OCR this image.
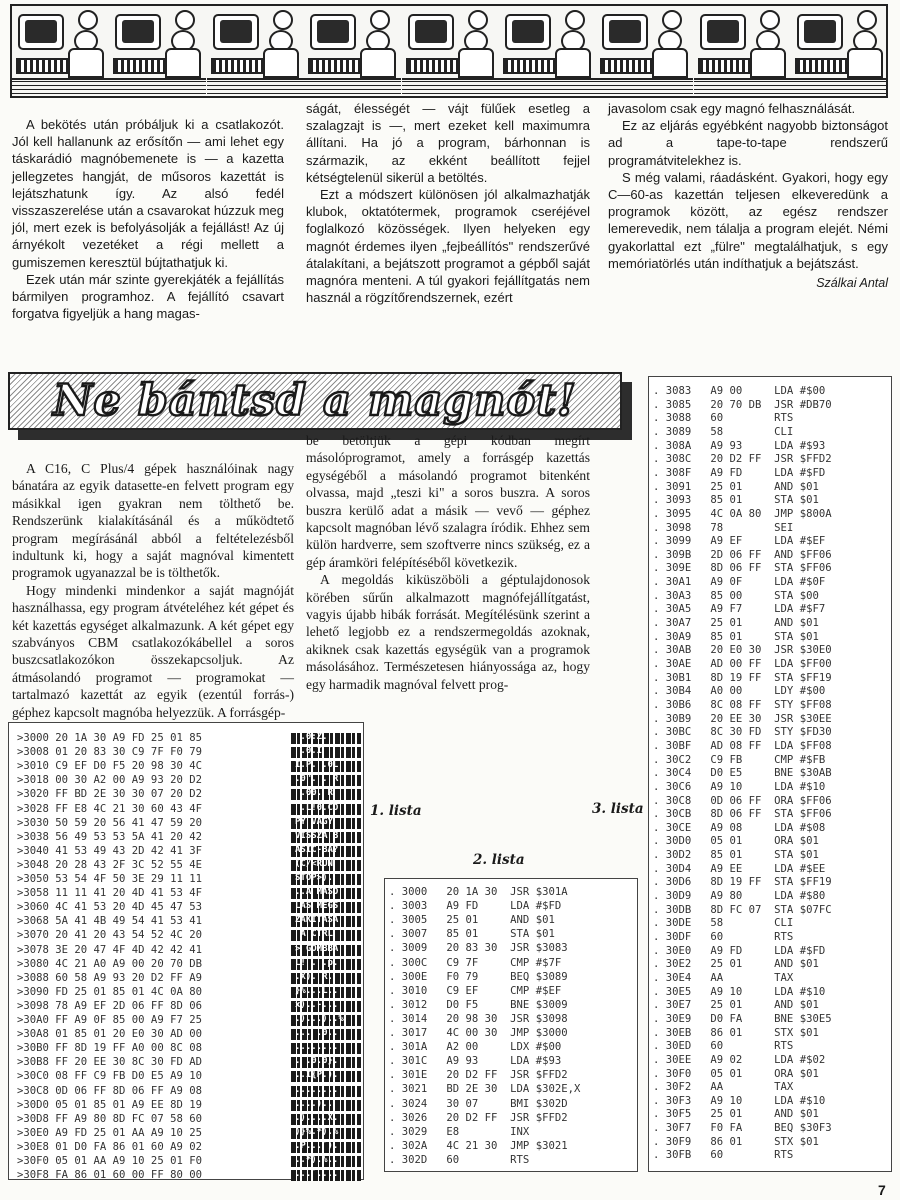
A bekötés után próbáljuk ki a csatlakozót. Jól kell hallanunk az erősítőn — ami lehet egy táskarádió magnóbemenete is — a kazetta jellegzetes hangját, de műsoros kazettát is lejátszhatunk így. Az alsó fedél visszaszerelése után a csavarokat húzzuk meg jól, mert ezek is befolyásolják a fejállást! Az új árnyékolt vezetéket a régi mellett a gumiszemen keresztül bújtathatjuk ki.

Ezek után már szinte gyerekjáték a fejállítás bármilyen programhoz. A fejállító csavart forgatva figyeljük a hang magas-

ságát, élességét — vájt fülűek esetleg a szalagzajt is —, mert ezeket kell maximumra állítani. Ha jó a program, bárhonnan is származik, az ekként beállított fejjel kétségtelenül sikerül a betöltés.

Ezt a módszert különösen jól alkalmazhatják klubok, oktatótermek, programok cseréjével foglalkozó közösségek. Ilyen helyeken egy magnót érdemes ilyen „fejbeállítós" rendszerűvé átalakítani, a bejátszott programot a gépből saját magnóra menteni. A túl gyakori fejállítgatás nem használ a rögzítőrendszernek, ezért

javasolom csak egy magnó felhasználását.

Ez az eljárás egyébként nagyobb biztonságot ad a tape-to-tape rendszerű programátvitelekhez is.

S még valami, ráadásként. Gyakori, hogy egy C—60-as kazettán teljesen elkeveredünk a programok között, az egész rendszer lemerevedik, nem tálalja a program elejét. Némi gyakorlattal ezt „fülre" megtalálhatjuk, s egy memóriatörlés után indíthatjuk a bejátszást.

Szálkai Antal
Ne bántsd a magnót!

A C16, C Plus/4 gépek használóinak nagy bánatára az egyik datasette-en felvett program egy másikkal igen gyakran nem tölthető be. Rendszerünk kialakításánál és a működtető program megírásánál abból a feltételezésből indultunk ki, hogy a saját magnóval kimentett programok ugyanazzal be is tölthetők.

Hogy mindenki mindenkor a saját magnóját használhassa, egy program átvételéhez két gépet és két kazettás egységet alkalmazunk. A két gépet egy szabványos CBM csatlakozókábellel a soros buszcsatlakozókon összekapcsoljuk. Az átmásolandó programot — programokat — tartalmazó kazettát az egyik (ezentúl forrás-) géphez kapcsolt magnóba helyezzük. A forrásgép-

be betöltjük a gépi kódban megírt másolóprogramot, amely a forrásgép kazettás egységéből a másolandó programot bitenként olvassa, majd „teszi ki" a soros buszra. A soros buszra kerülő adat a másik — vevő — géphez kapcsolt magnóban lévő szalagra íródik. Ehhez sem külön hardverre, sem szoftverre nincs szükség, ez a gép áramköri felépítéséből következik.

A megoldás kiküszöböli a géptulajdonosok körében sűrűn alkalmazott magnófejállítgatást, vagyis újabb hibák forrását. Megítélésünk szerint a lehető legjobb ez a rendszermegoldás azoknak, akiknek csak kazettás egységük van a programok másolásához. Természetesen hiányossága az, hogy egy harmadik magnóval felvett prog-

>3000 20 1A 30 A9 FD 25 01 85	.0:Z.
>3008 01 20 83 30 C9 7F F0 79	.0.I
>3010 C9 EF D0 F5 20 98 30 4C	I.P. .0L
>3018 00 30 A2 00 A9 93 20 D2	.0". . R
>3020 FF BD 2E 30 30 07 20 D2	.00. R
>3028 FF E8 4C 21 30 60 43 4F	.L!0.CO
>3030 50 59 20 56 41 47 59 20	PY VAGY
>3038 56 49 53 53 5A 41 20 42	VISSZA B
>3040 41 53 49 43 2D 42 41 3F	ASIC-BA?
>3048 20 28 43 2F 3C 52 55 4E	(C/<RUN
>3050 53 54 4F 50 3E 29 11 11	STOP>).
>3058 11 11 41 20 4D 41 53 4F	..A MASO
>3060 4C 41 53 20 4D 45 47 53	LAS MEGS
>3068 5A 41 4B 49 54 41 53 41	ZAKITASA
>3070 20 41 20 43 54 52 4C 20	A CTRL
>3078 3E 20 47 4F 4D 42 42 41	> GOMBBA
>3080 4C 21 A0 A9 00 20 70 DB	L! . .p.
>3088 60 58 A9 93 20 D2 FF A9	.X). R.
>3090 FD 25 01 85 01 4C 0A 80	}%...L..
>3098 78 A9 EF 2D 06 FF 8D 06	x)..-...
>30A0 FF A9 0F 85 00 A9 F7 25	.)...)..%
>30A8 01 85 01 20 E0 30 AD 00	... .0..
>30B0 FF 8D 19 FF A0 00 8C 08	........
>30B8 FF 20 EE 30 8C 30 FD AD	. .0.0}.
>30C0 08 FF C9 FB D0 E5 A9 10	..I{P.).
>30C8 0D 06 FF 8D 06 FF A9 08	........
>30D0 05 01 85 01 A9 EE 8D 19	....)..
>30D8 FF A9 80 8D FC 07 58 60	.)....X.
>30E0 A9 FD 25 01 AA A9 10 25	)}%.*).%
>30E8 01 D0 FA 86 01 60 A9 02	.P...`).
>30F0 05 01 AA A9 10 25 01 F0	..*).%..
>30F8 FA 86 01 60 00 FF 80 00	...`....
1. lista
2. lista
3. lista
. 3000   20 1A 30  JSR $301A
. 3003   A9 FD     LDA #$FD
. 3005   25 01     AND $01
. 3007   85 01     STA $01
. 3009   20 83 30  JSR $3083
. 300C   C9 7F     CMP #$7F
. 300E   F0 79     BEQ $3089
. 3010   C9 EF     CMP #$EF
. 3012   D0 F5     BNE $3009
. 3014   20 98 30  JSR $3098
. 3017   4C 00 30  JMP $3000
. 301A   A2 00     LDX #$00
. 301C   A9 93     LDA #$93
. 301E   20 D2 FF  JSR $FFD2
. 3021   BD 2E 30  LDA $302E,X
. 3024   30 07     BMI $302D
. 3026   20 D2 FF  JSR $FFD2
. 3029   E8        INX
. 302A   4C 21 30  JMP $3021
. 302D   60        RTS
. 3083   A9 00     LDA #$00
. 3085   20 70 DB  JSR #DB70
. 3088   60        RTS
. 3089   58        CLI
. 308A   A9 93     LDA #$93
. 308C   20 D2 FF  JSR $FFD2
. 308F   A9 FD     LDA #$FD
. 3091   25 01     AND $01
. 3093   85 01     STA $01
. 3095   4C 0A 80  JMP $800A
. 3098   78        SEI
. 3099   A9 EF     LDA #$EF
. 309B   2D 06 FF  AND $FF06
. 309E   8D 06 FF  STA $FF06
. 30A1   A9 0F     LDA #$0F
. 30A3   85 00     STA $00
. 30A5   A9 F7     LDA #$F7
. 30A7   25 01     AND $01
. 30A9   85 01     STA $01
. 30AB   20 E0 30  JSR $30E0
. 30AE   AD 00 FF  LDA $FF00
. 30B1   8D 19 FF  STA $FF19
. 30B4   A0 00     LDY #$00
. 30B6   8C 08 FF  STY $FF08
. 30B9   20 EE 30  JSR $30EE
. 30BC   8C 30 FD  STY $FD30
. 30BF   AD 08 FF  LDA $FF08
. 30C2   C9 FB     CMP #$FB
. 30C4   D0 E5     BNE $30AB
. 30C6   A9 10     LDA #$10
. 30C8   0D 06 FF  ORA $FF06
. 30CB   8D 06 FF  STA $FF06
. 30CE   A9 08     LDA #$08
. 30D0   05 01     ORA $01
. 30D2   85 01     STA $01
. 30D4   A9 EE     LDA #$EE
. 30D6   8D 19 FF  STA $FF19
. 30D9   A9 80     LDA #$80
. 30DB   8D FC 07  STA $07FC
. 30DE   58        CLI
. 30DF   60        RTS
. 30E0   A9 FD     LDA #$FD
. 30E2   25 01     AND $01
. 30E4   AA        TAX
. 30E5   A9 10     LDA #$10
. 30E7   25 01     AND $01
. 30E9   D0 FA     BNE $30E5
. 30EB   86 01     STX $01
. 30ED   60        RTS
. 30EE   A9 02     LDA #$02
. 30F0   05 01     ORA $01
. 30F2   AA        TAX
. 30F3   A9 10     LDA #$10
. 30F5   25 01     AND $01
. 30F7   F0 FA     BEQ $30F3
. 30F9   86 01     STX $01
. 30FB   60        RTS
7
